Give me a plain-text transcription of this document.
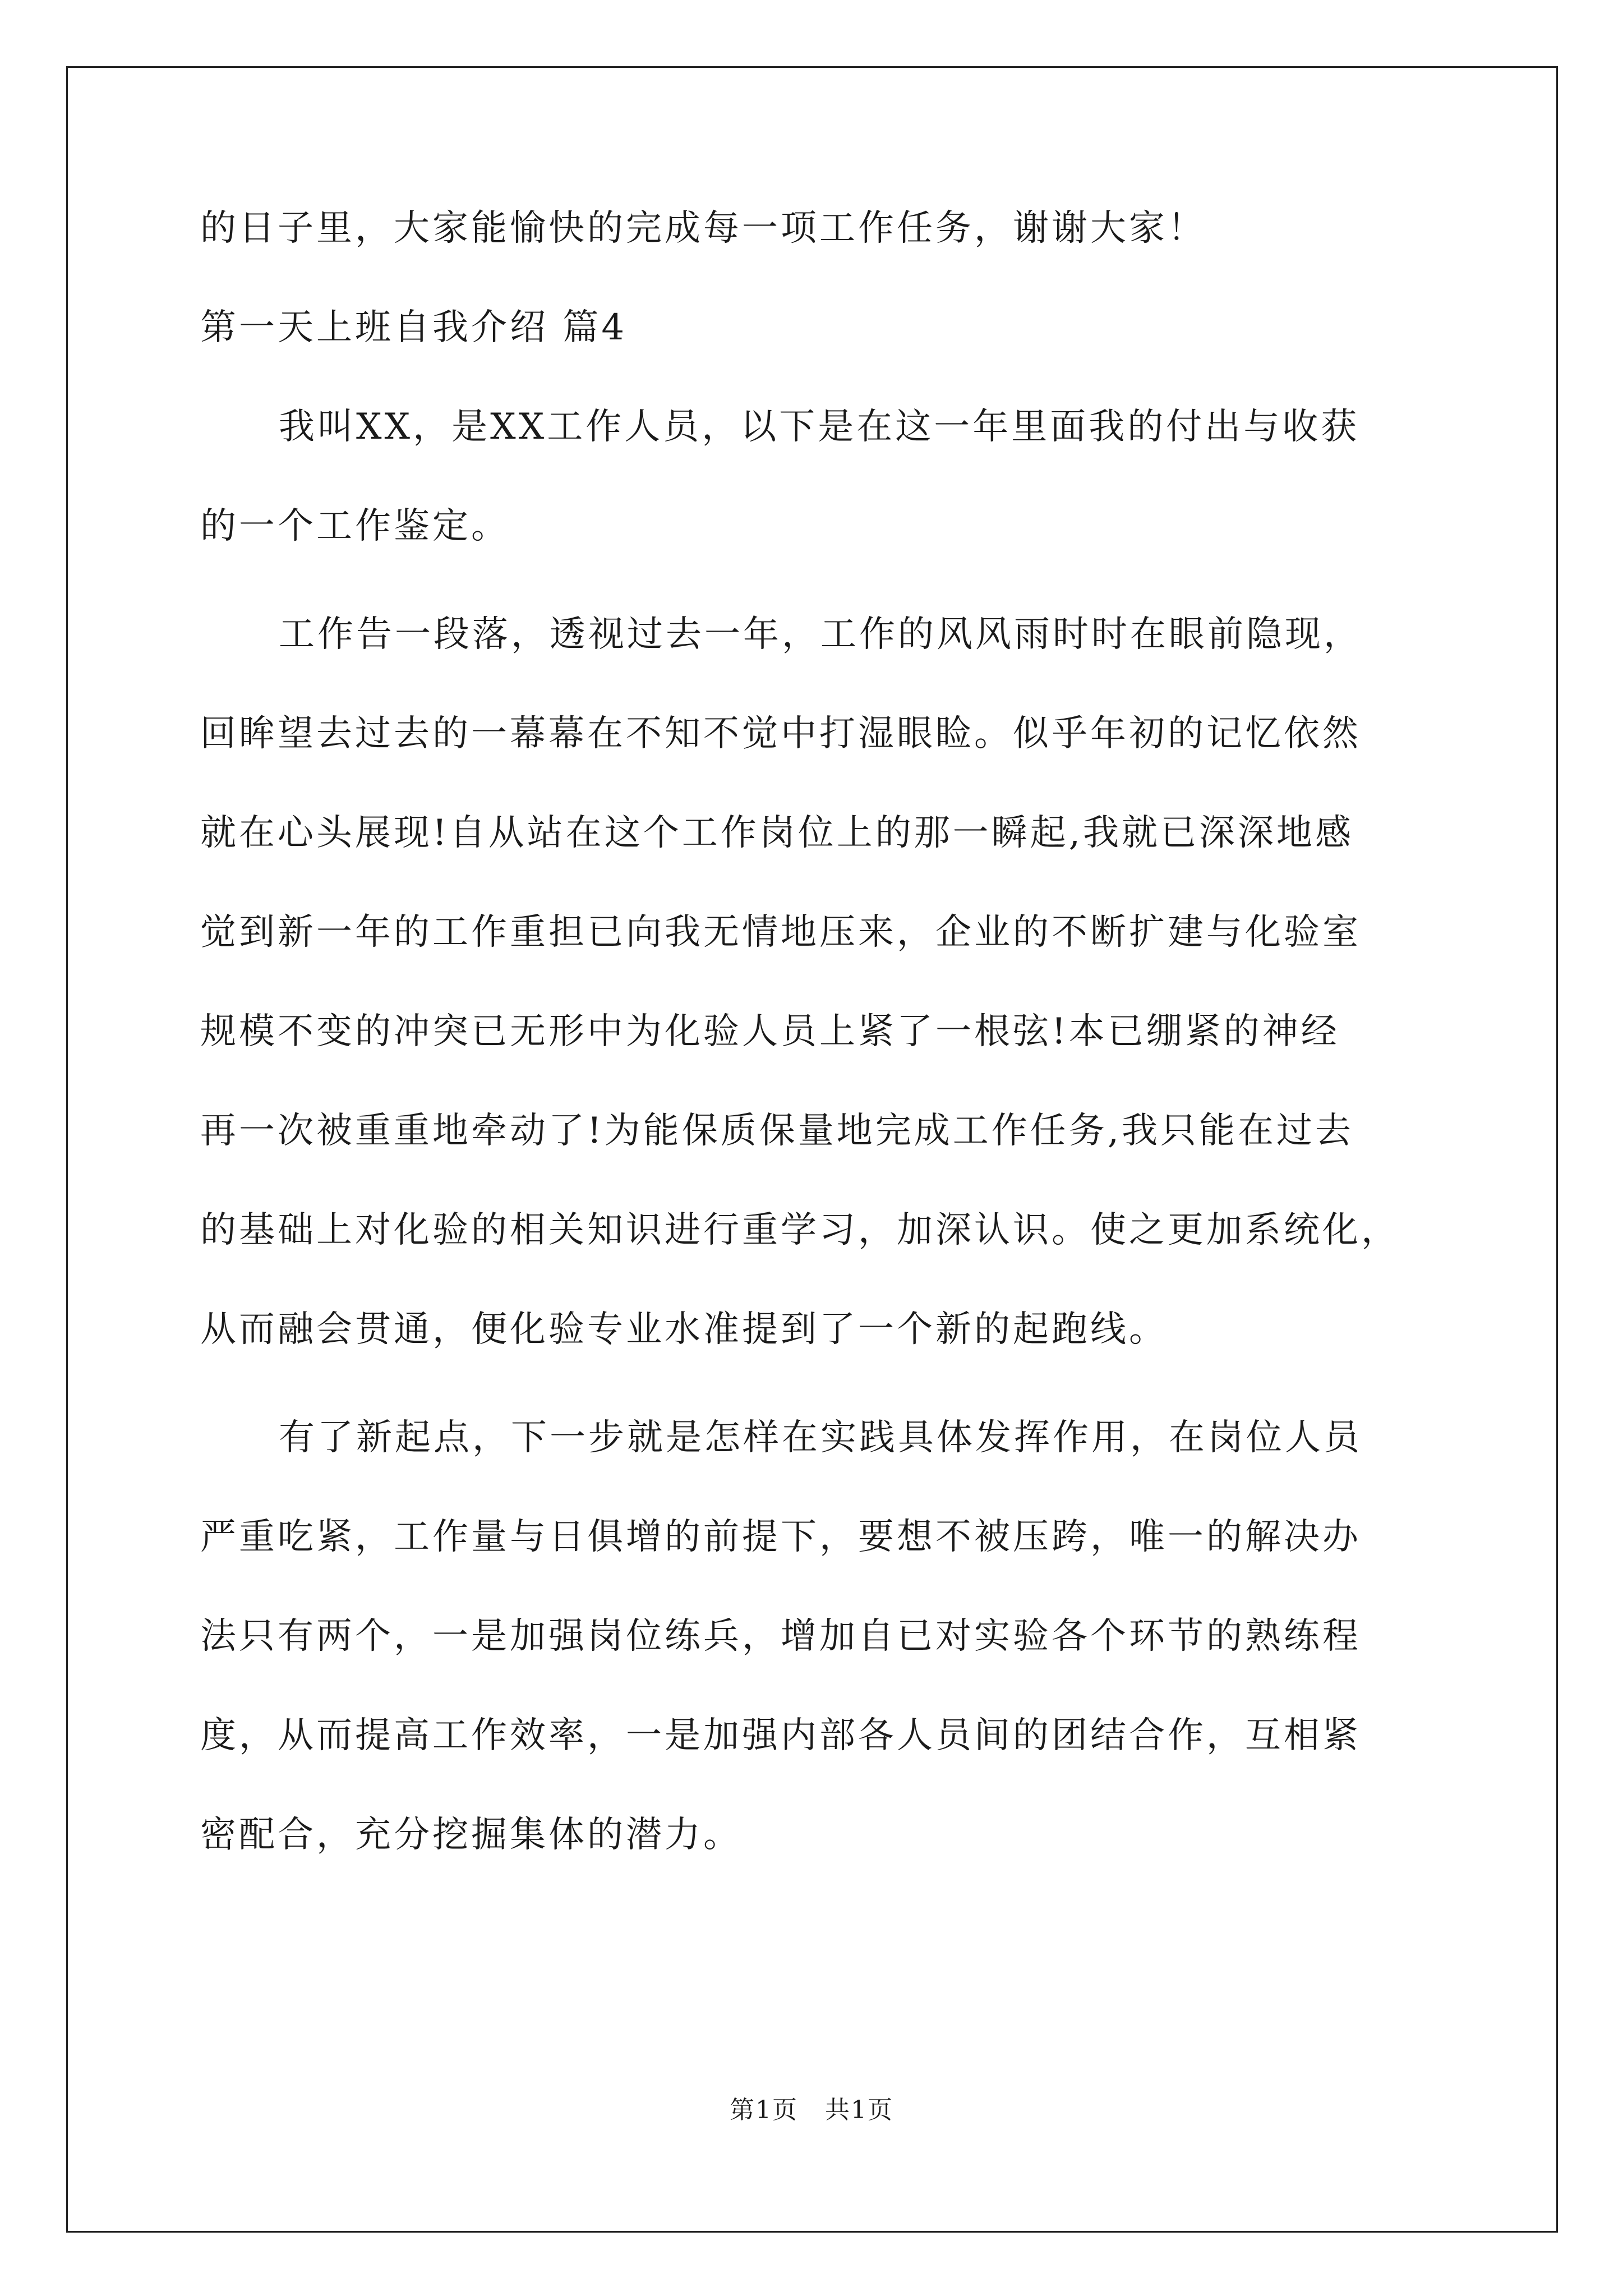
的日子里，大家能愉快的完成每一项工作任务，谢谢大家！
第一天上班自我介绍 篇4
我叫XX，是XX工作人员，以下是在这一年里面我的付出与收获
的一个工作鉴定。
工作告一段落，透视过去一年，工作的风风雨时时在眼前隐现，
回眸望去过去的一幕幕在不知不觉中打湿眼睑。似乎年初的记忆依然
就在心头展现!自从站在这个工作岗位上的那一瞬起,我就已深深地感
觉到新一年的工作重担已向我无情地压来，企业的不断扩建与化验室
规模不变的冲突已无形中为化验人员上紧了一根弦!本已绷紧的神经
再一次被重重地牵动了!为能保质保量地完成工作任务,我只能在过去
的基础上对化验的相关知识进行重学习，加深认识。使之更加系统化，
从而融会贯通，便化验专业水准提到了一个新的起跑线。
有了新起点，下一步就是怎样在实践具体发挥作用，在岗位人员
严重吃紧，工作量与日俱增的前提下，要想不被压跨，唯一的解决办
法只有两个，一是加强岗位练兵，增加自已对实验各个环节的熟练程
度，从而提高工作效率，一是加强内部各人员间的团结合作，互相紧
密配合，充分挖掘集体的潜力。
第1页 共1页
